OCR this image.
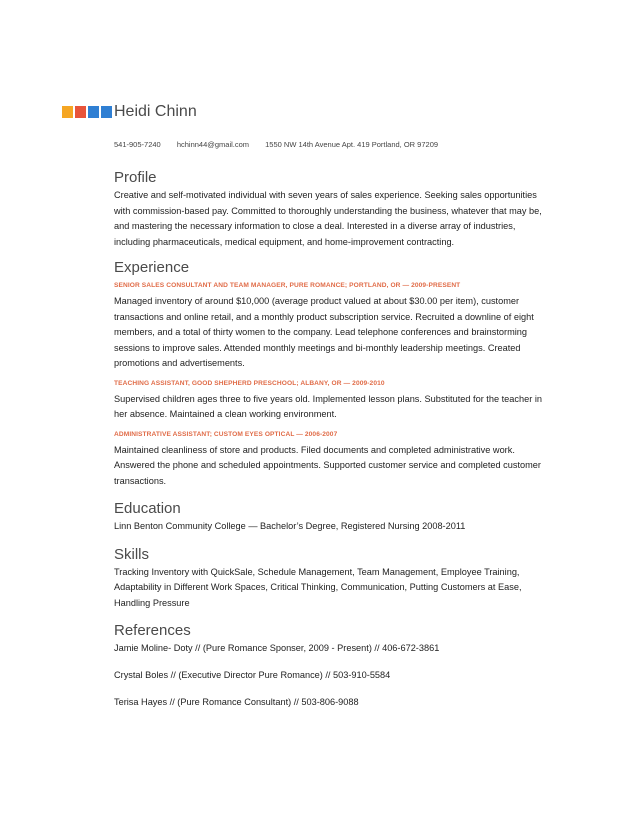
Heidi Chinn
541-905-7240 hchinn44@gmail.com 1550 NW 14th Avenue Apt. 419 Portland, OR 97209
Profile

Creative and self-motivated individual with seven years of sales experience. Seeking sales opportunities with commission-based pay. Committed to thoroughly understanding the business, whatever that may be, and mastering the necessary information to close a deal. Interested in a diverse array of industries, including pharmaceuticals, medical equipment, and home-improvement contracting.

Experience
SENIOR SALES CONSULTANT AND TEAM MANAGER, PURE ROMANCE; PORTLAND, OR — 2009-PRESENT

Managed inventory of around $10,000 (average product valued at about $30.00 per item), customer transactions and online retail, and a monthly product subscription service. Recruited a downline of eight members, and a total of thirty women to the company. Lead telephone conferences and brainstorming sessions to improve sales. Attended monthly meetings and bi-monthly leadership meetings. Created promotions and advertisements.

TEACHING ASSISTANT, GOOD SHEPHERD PRESCHOOL; ALBANY, OR — 2009-2010

Supervised children ages three to five years old. Implemented lesson plans. Substituted for the teacher in her absence. Maintained a clean working environment.

ADMINISTRATIVE ASSISTANT; CUSTOM EYES OPTICAL — 2006-2007

Maintained cleanliness of store and products. Filed documents and completed administrative work. Answered the phone and scheduled appointments. Supported customer service and completed customer transactions.

Education

Linn Benton Community College — Bachelor’s Degree, Registered Nursing 2008-2011

Skills

Tracking Inventory with QuickSale, Schedule Management, Team Management, Employee Training, Adaptability in Different Work Spaces, Critical Thinking, Communication, Putting Customers at Ease, Handling Pressure

References
Jamie Moline- Doty // (Pure Romance Sponser, 2009 - Present) // 406-672-3861
Crystal Boles // (Executive Director Pure Romance) // 503-910-5584
Terisa Hayes // (Pure Romance Consultant) // 503-806-9088
